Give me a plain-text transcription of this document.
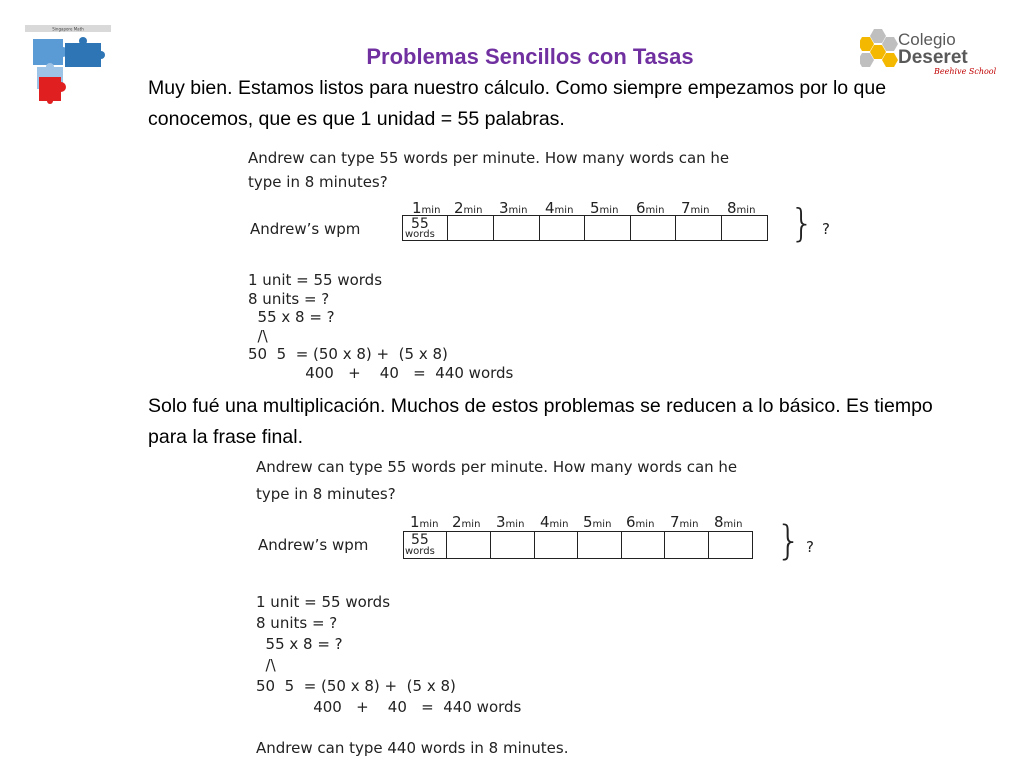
Singapore Math
Colegio
Deseret
Beehive School
Problemas Sencillos con Tasas
Muy bien. Estamos listos para nuestro cálculo. Como siempre empezamos por lo que conocemos, que es que 1 unidad = 55 palabras.
Andrew can type 55 words per minute. How many words can he
type in 8 minutes?
1min 2min 3min 4min 5min 6min 7min 8min
Andrew’s wpm	55
words	} ?
1 unit = 55 words
8 units = ?
55 x 8 = ?
/\
50  5  = (50 x 8) +  (5 x 8)
400   +    40   =  440 words
Solo fué una multiplicación. Muchos de estos problemas se reducen a lo básico. Es tiempo para la frase final.
Andrew can type 55 words per minute. How many words can he
type in 8 minutes?
1min 2min 3min 4min 5min 6min 7min 8min
Andrew’s wpm	55
words	} ?
1 unit = 55 words
8 units = ?
55 x 8 = ?
/\
50  5  = (50 x 8) +  (5 x 8)
400   +    40   =  440 words
Andrew can type 440 words in 8 minutes.
